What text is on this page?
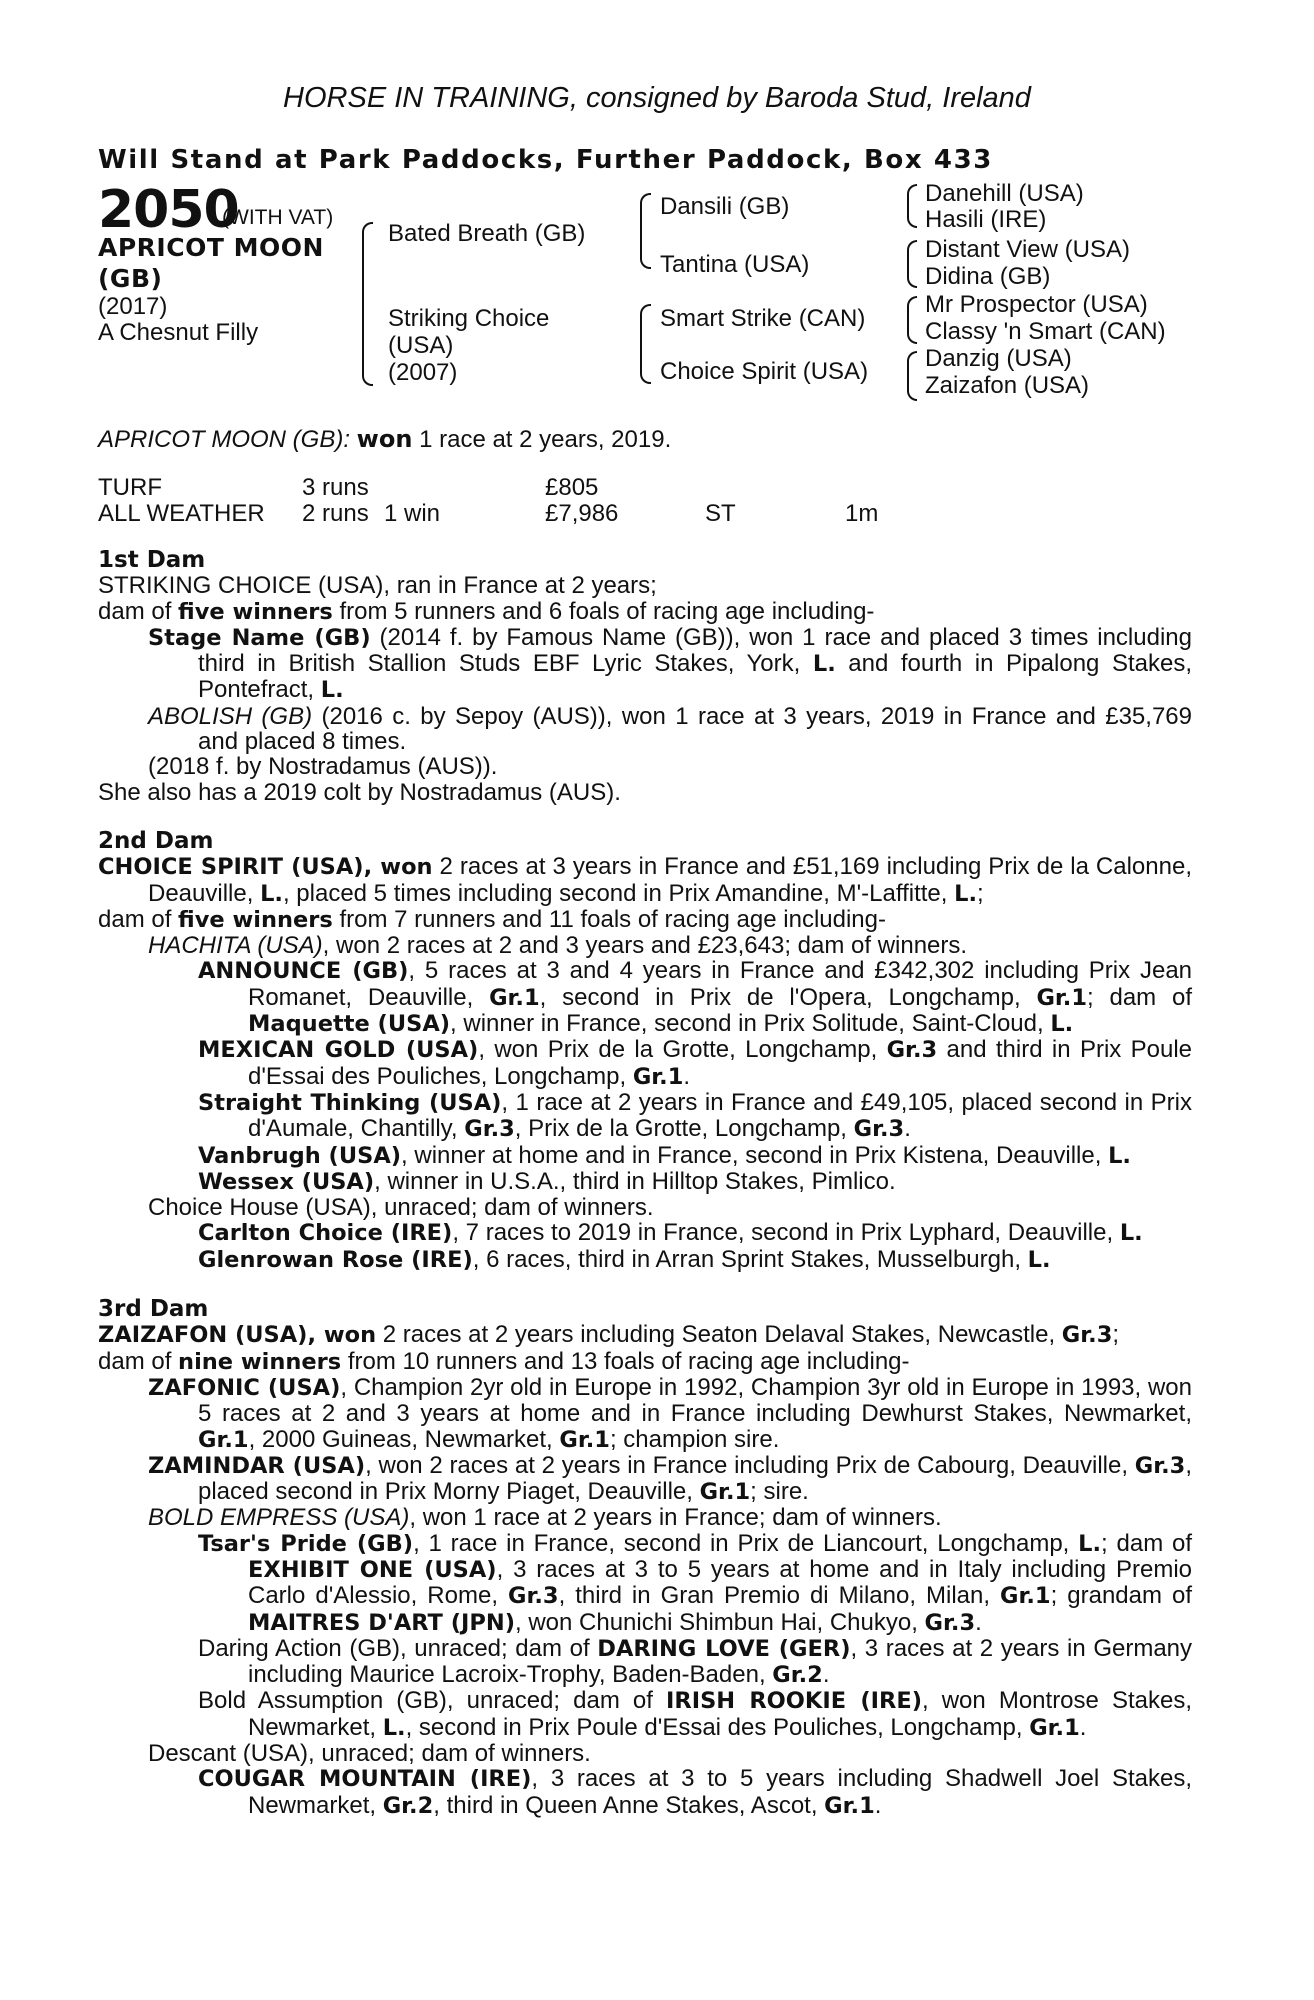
HORSE IN TRAINING, consigned by Baroda Stud, Ireland
Will Stand at Park Paddocks, Further Paddock, Box 433
2050
(WITH VAT)
APRICOT MOON
(GB)
(2017)
A Chesnut Filly
Bated Breath (GB)
Striking Choice
(USA)
(2007)
Dansili (GB)
Tantina (USA)
Smart Strike (CAN)
Choice Spirit (USA)
Danehill (USA)
Hasili (IRE)
Distant View (USA)
Didina (GB)
Mr Prospector (USA)
Classy 'n Smart (CAN)
Danzig (USA)
Zaizafon (USA)
APRICOT MOON (GB): won 1 race at 2 years, 2019.
TURF	3 runs	£805
ALL WEATHER 2 runs 1 win	£7,986	ST	1m
1st Dam

STRIKING CHOICE (USA), ran in France at 2 years;

dam of five winners from 5 runners and 6 foals of racing age including-

Stage Name (GB) (2014 f. by Famous Name (GB)), won 1 race and placed 3 times including third in British Stallion Studs EBF Lyric Stakes, York, L. and fourth in Pipalong Stakes, Pontefract, L.

ABOLISH (GB) (2016 c. by Sepoy (AUS)), won 1 race at 3 years, 2019 in France and £35,769 and placed 8 times.

(2018 f. by Nostradamus (AUS)).

She also has a 2019 colt by Nostradamus (AUS).

2nd Dam

CHOICE SPIRIT (USA), won 2 races at 3 years in France and £51,169 including Prix de la Calonne, Deauville, L., placed 5 times including second in Prix Amandine, M'-Laffitte, L.;

dam of five winners from 7 runners and 11 foals of racing age including-

HACHITA (USA), won 2 races at 2 and 3 years and £23,643; dam of winners.

ANNOUNCE (GB), 5 races at 3 and 4 years in France and £342,302 including Prix Jean Romanet, Deauville, Gr.1, second in Prix de l'Opera, Longchamp, Gr.1; dam of Maquette (USA), winner in France, second in Prix Solitude, Saint-Cloud, L.

MEXICAN GOLD (USA), won Prix de la Grotte, Longchamp, Gr.3 and third in Prix Poule d'Essai des Pouliches, Longchamp, Gr.1.

Straight Thinking (USA), 1 race at 2 years in France and £49,105, placed second in Prix d'Aumale, Chantilly, Gr.3, Prix de la Grotte, Longchamp, Gr.3.

Vanbrugh (USA), winner at home and in France, second in Prix Kistena, Deauville, L.

Wessex (USA), winner in U.S.A., third in Hilltop Stakes, Pimlico.

Choice House (USA), unraced; dam of winners.

Carlton Choice (IRE), 7 races to 2019 in France, second in Prix Lyphard, Deauville, L.

Glenrowan Rose (IRE), 6 races, third in Arran Sprint Stakes, Musselburgh, L.

3rd Dam

ZAIZAFON (USA), won 2 races at 2 years including Seaton Delaval Stakes, Newcastle, Gr.3;

dam of nine winners from 10 runners and 13 foals of racing age including-

ZAFONIC (USA), Champion 2yr old in Europe in 1992, Champion 3yr old in Europe in 1993, won 5 races at 2 and 3 years at home and in France including Dewhurst Stakes, Newmarket, Gr.1, 2000 Guineas, Newmarket, Gr.1; champion sire.

ZAMINDAR (USA), won 2 races at 2 years in France including Prix de Cabourg, Deauville, Gr.3, placed second in Prix Morny Piaget, Deauville, Gr.1; sire.

BOLD EMPRESS (USA), won 1 race at 2 years in France; dam of winners.

Tsar's Pride (GB), 1 race in France, second in Prix de Liancourt, Longchamp, L.; dam of EXHIBIT ONE (USA), 3 races at 3 to 5 years at home and in Italy including Premio Carlo d'Alessio, Rome, Gr.3, third in Gran Premio di Milano, Milan, Gr.1; grandam of MAITRES D'ART (JPN), won Chunichi Shimbun Hai, Chukyo, Gr.3.

Daring Action (GB), unraced; dam of DARING LOVE (GER), 3 races at 2 years in Germany including Maurice Lacroix-Trophy, Baden-Baden, Gr.2.

Bold Assumption (GB), unraced; dam of IRISH ROOKIE (IRE), won Montrose Stakes, Newmarket, L., second in Prix Poule d'Essai des Pouliches, Longchamp, Gr.1.

Descant (USA), unraced; dam of winners.

COUGAR MOUNTAIN (IRE), 3 races at 3 to 5 years including Shadwell Joel Stakes, Newmarket, Gr.2, third in Queen Anne Stakes, Ascot, Gr.1.
